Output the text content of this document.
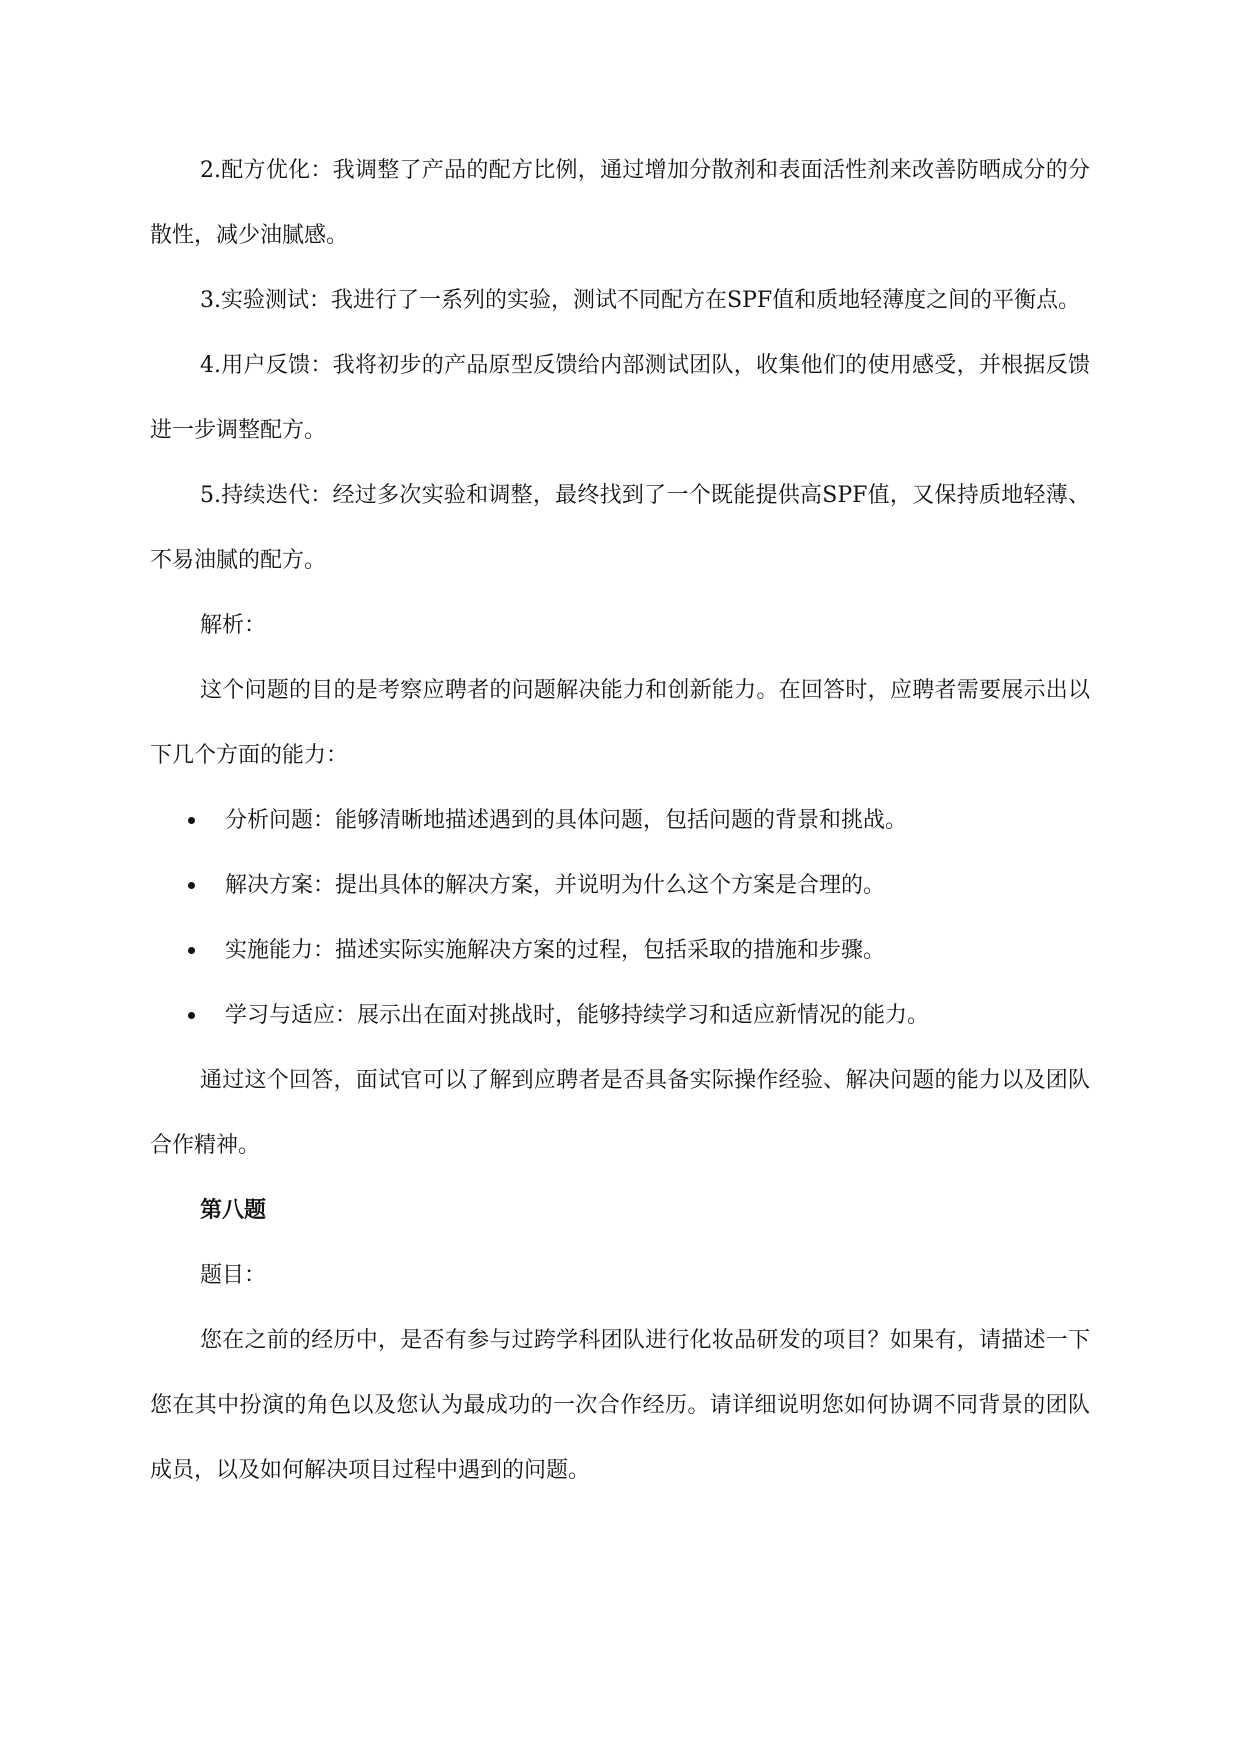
2.配方优化：我调整了产品的配方比例，通过增加分散剂和表面活性剂来改善防晒成分的分散性，减少油腻感。

3.实验测试：我进行了一系列的实验，测试不同配方在SPF值和质地轻薄度之间的平衡点。

4.用户反馈：我将初步的产品原型反馈给内部测试团队，收集他们的使用感受，并根据反馈进一步调整配方。

5.持续迭代：经过多次实验和调整，最终找到了一个既能提供高SPF值，又保持质地轻薄、不易油腻的配方。

解析：

这个问题的目的是考察应聘者的问题解决能力和创新能力。在回答时，应聘者需要展示出以下几个方面的能力：

分析问题：能够清晰地描述遇到的具体问题，包括问题的背景和挑战。
解决方案：提出具体的解决方案，并说明为什么这个方案是合理的。
实施能力：描述实际实施解决方案的过程，包括采取的措施和步骤。
学习与适应：展示出在面对挑战时，能够持续学习和适应新情况的能力。

通过这个回答，面试官可以了解到应聘者是否具备实际操作经验、解决问题的能力以及团队合作精神。

第八题

题目：

您在之前的经历中，是否有参与过跨学科团队进行化妆品研发的项目？如果有，请描述一下您在其中扮演的角色以及您认为最成功的一次合作经历。请详细说明您如何协调不同背景的团队成员，以及如何解决项目过程中遇到的问题。
